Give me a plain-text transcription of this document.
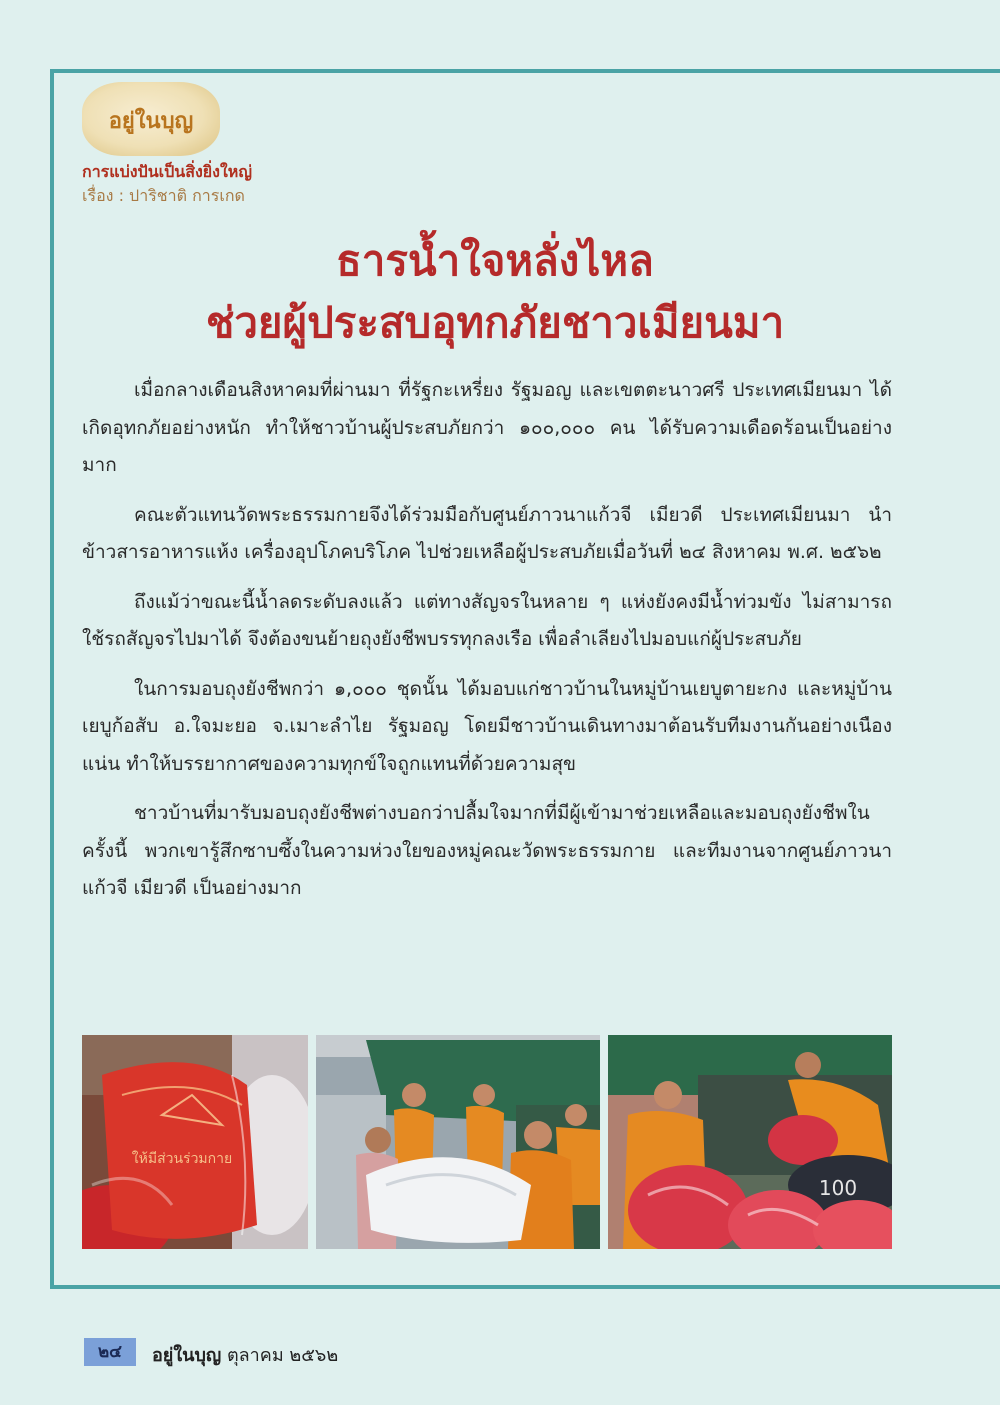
อยู่ในบุญ
การแบ่งปันเป็นสิ่งยิ่งใหญ่
เรื่อง : ปาริชาติ การเกด
ธารน้ำใจหลั่งไหล
ช่วยผู้ประสบอุทกภัยชาวเมียนมา

เมื่อกลางเดือนสิงหาคมที่ผ่านมา ที่รัฐกะเหรี่ยง รัฐมอญ และเขตตะนาวศรี ประเทศเมียนมา ได้เกิดอุทกภัยอย่างหนัก ทำให้ชาวบ้านผู้ประสบภัยกว่า ๑๐๐,๐๐๐ คน ได้รับความเดือดร้อนเป็นอย่างมาก

คณะตัวแทนวัดพระธรรมกายจึงได้ร่วมมือกับศูนย์ภาวนาแก้วจี เมียวดี ประเทศเมียนมา นำข้าวสารอาหารแห้ง เครื่องอุปโภคบริโภค ไปช่วยเหลือผู้ประสบภัยเมื่อวันที่ ๒๔ สิงหาคม พ.ศ. ๒๕๖๒

ถึงแม้ว่าขณะนี้น้ำลดระดับลงแล้ว แต่ทางสัญจรในหลาย ๆ แห่งยังคงมีน้ำท่วมขัง ไม่สามารถใช้รถสัญจรไปมาได้ จึงต้องขนย้ายถุงยังชีพบรรทุกลงเรือ เพื่อลำเลียงไปมอบแก่ผู้ประสบภัย

ในการมอบถุงยังชีพกว่า ๑,๐๐๐ ชุดนั้น ได้มอบแก่ชาวบ้านในหมู่บ้านเยบูตายะกง และหมู่บ้านเยบูก้อสับ อ.ใจมะยอ จ.เมาะลำไย รัฐมอญ โดยมีชาวบ้านเดินทางมาต้อนรับทีมงานกันอย่างเนืองแน่น ทำให้บรรยากาศของความทุกข์ใจถูกแทนที่ด้วยความสุข

ชาวบ้านที่มารับมอบถุงยังชีพต่างบอกว่าปลื้มใจมากที่มีผู้เข้ามาช่วยเหลือและมอบถุงยังชีพในครั้งนี้ พวกเขารู้สึกซาบซึ้งในความห่วงใยของหมู่คณะวัดพระธรรมกาย และทีมงานจากศูนย์ภาวนาแก้วจี เมียวดี เป็นอย่างมาก

ให้มีส่วนร่วมกาย
100
๒๔	อยู่ในบุญ ตุลาคม ๒๕๖๒
